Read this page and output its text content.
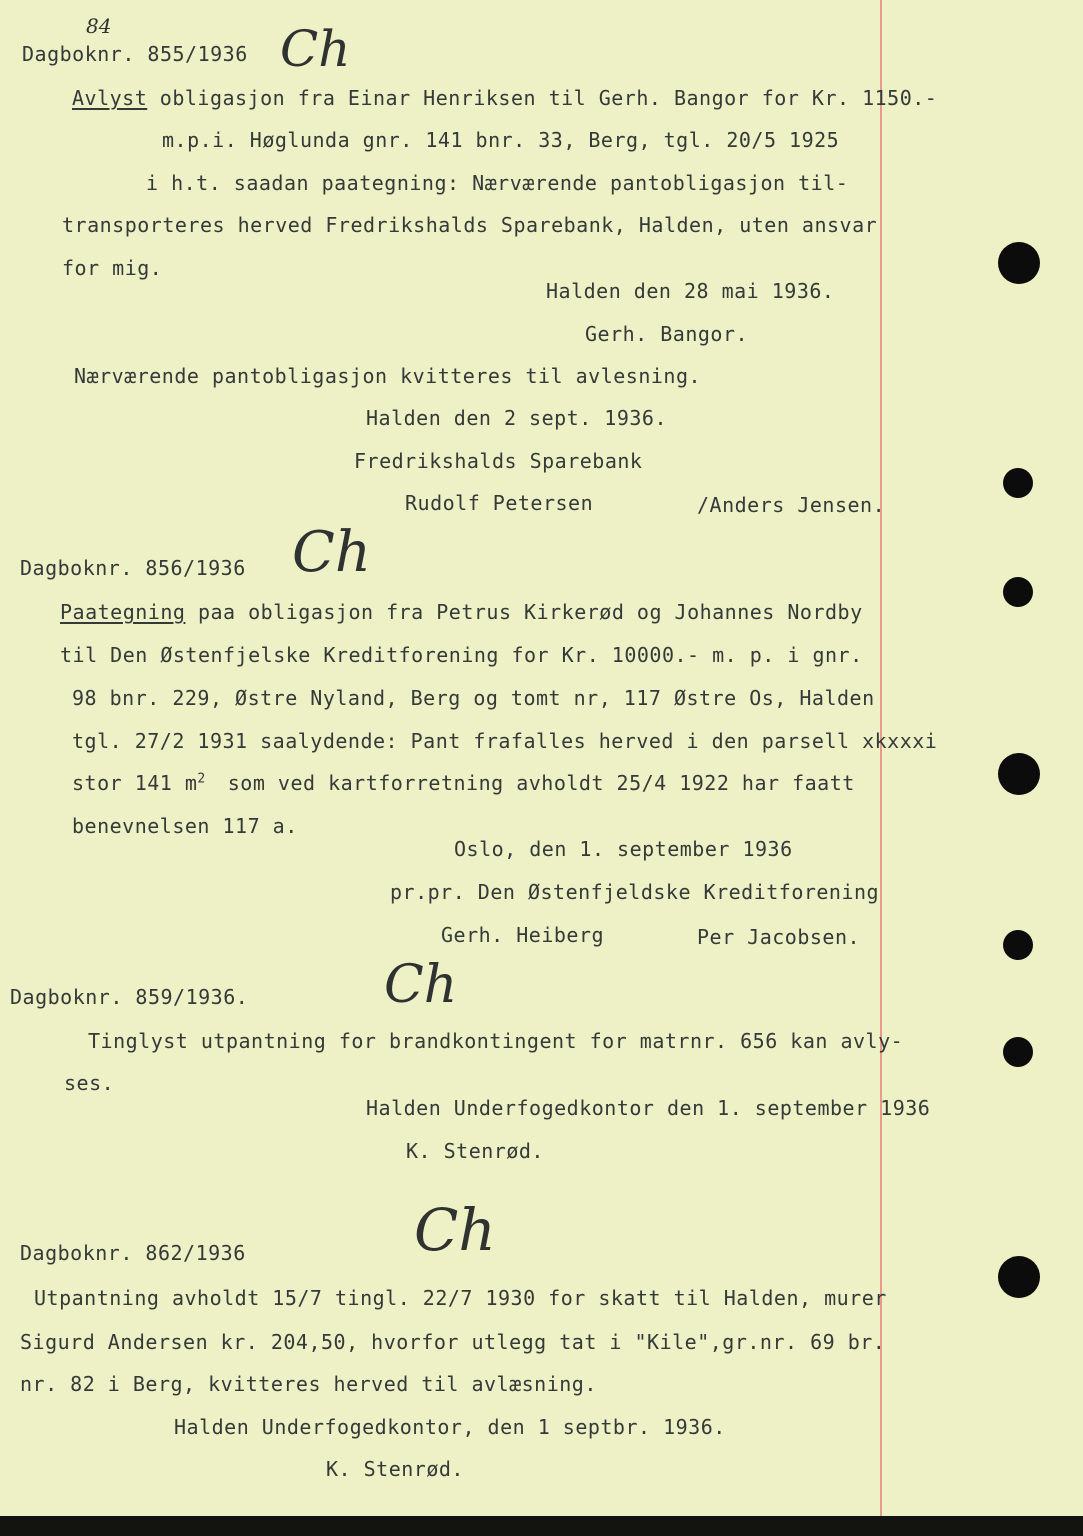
84
Dagboknr. 855/1936 Ch
Avlyst obligasjon fra Einar Henriksen til Gerh. Bangor for Kr. 1150.-
m.p.i. Høglunda gnr. 141 bnr. 33, Berg, tgl. 20/5 1925
i h.t. saadan paategning: Nærværende pantobligasjon til-
transporteres herved Fredrikshalds Sparebank, Halden, uten ansvar
for mig.
Halden den 28 mai 1936.
Gerh. Bangor.
Nærværende pantobligasjon kvitteres til avlesning.
Halden den 2 sept. 1936.
Fredrikshalds Sparebank
Rudolf Petersen	/Anders Jensen.
Dagboknr. 856/1936 Ch
Paategning paa obligasjon fra Petrus Kirkerød og Johannes Nordby
til Den Østenfjelske Kreditforening for Kr. 10000.- m. p. i gnr.
98 bnr. 229, Østre Nyland, Berg og tomt nr, 117 Østre Os, Halden
tgl. 27/2 1931 saalydende: Pant frafalles herved i den parsell xkxxxi
stor 141 $m^2$ som ved kartforretning avholdt 25/4 1922 har faatt
benevnelsen 117 a.
Oslo, den 1. september 1936
pr.pr. Den Østenfjeldske Kreditforening
Gerh. Heiberg	Per Jacobsen.
Dagboknr. 859/1936.	Ch
Tinglyst utpantning for brandkontingent for matrnr. 656 kan avly-
ses.
Halden Underfogedkontor den 1. september 1936
K. Stenrød.
Ch
Dagboknr. 862/1936
Utpantning avholdt 15/7 tingl. 22/7 1930 for skatt til Halden, murer
Sigurd Andersen kr. 204,50, hvorfor utlegg tat i "Kile",gr.nr. 69 br.
nr. 82 i Berg, kvitteres herved til avlæsning.
Halden Underfogedkontor, den 1 septbr. 1936.
K. Stenrød.
